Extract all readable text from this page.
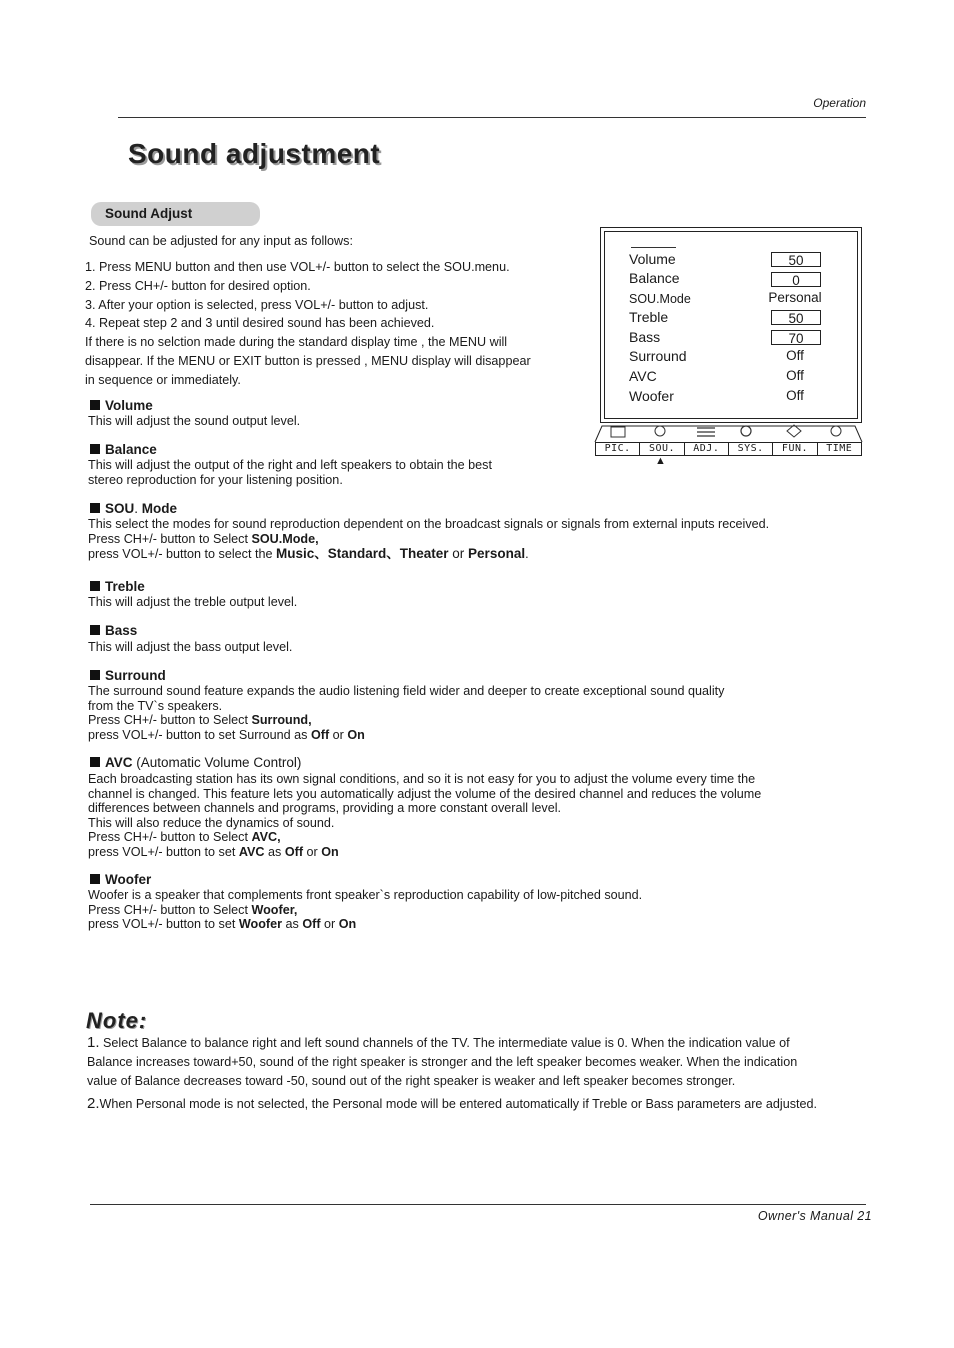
Operation
Sound adjustment
Sound Adjust
Sound can be adjusted for any input as follows:
1. Press MENU button and then use VOL+/- button to select the SOU.menu.
2. Press CH+/- button for desired option.
3. After your option is selected, press VOL+/- button to adjust.
4. Repeat step 2 and 3 until desired sound has been achieved.
If there is no selction made during the standard display time , the MENU will
disappear. If the MENU or EXIT button is pressed , MENU display will disappear
in sequence or immediately.
Volume	50
Balance	0
SOU.Mode	Personal
Treble	50
Bass	70
Surround	Off
AVC	Off
Woofer	Off
PIC.	SOU.	ADJ.	SYS.	FUN.	TIME
▲
Volume
This will adjust the sound output level.
Balance
This will adjust the output of the right and left speakers to obtain the best
stereo reproduction for your listening position.
SOU. Mode
This select the modes for sound reproduction dependent on the broadcast signals or signals from external inputs received.
Press CH+/- button to Select SOU.Mode,
press VOL+/- button to select the Music、Standard、Theater or Personal.
Treble
This will adjust the treble output level.
Bass
This will adjust the bass output level.
Surround
The surround sound feature expands the audio listening field wider and deeper to create exceptional sound quality
from the TV`s speakers.
Press CH+/- button to Select Surround,
press VOL+/- button to set Surround as Off or On
AVC (Automatic Volume Control)
Each broadcasting station has its own signal conditions, and so it is not easy for you to adjust the volume every time the
channel is changed. This feature lets you automatically adjust the volume of the desired channel and reduces the volume
differences between channels and programs, providing a more constant overall level.
This will also reduce the dynamics of sound.
Press CH+/- button to Select AVC,
press VOL+/- button to set AVC as Off or On
Woofer
Woofer is a speaker that complements front speaker`s reproduction capability of low-pitched sound.
Press CH+/- button to Select Woofer,
press VOL+/- button to set Woofer as Off or On
Note:
1. Select Balance to balance right and left sound channels of the TV. The intermediate value is 0. When the indication value of
Balance increases toward+50, sound of the right speaker is stronger and the left speaker becomes weaker. When the indication
value of Balance decreases toward -50, sound out of the right speaker is weaker and left speaker becomes stronger.
2.When Personal mode is not selected, the Personal mode will be entered automatically if Treble or Bass parameters are adjusted.
Owner's Manual 21
